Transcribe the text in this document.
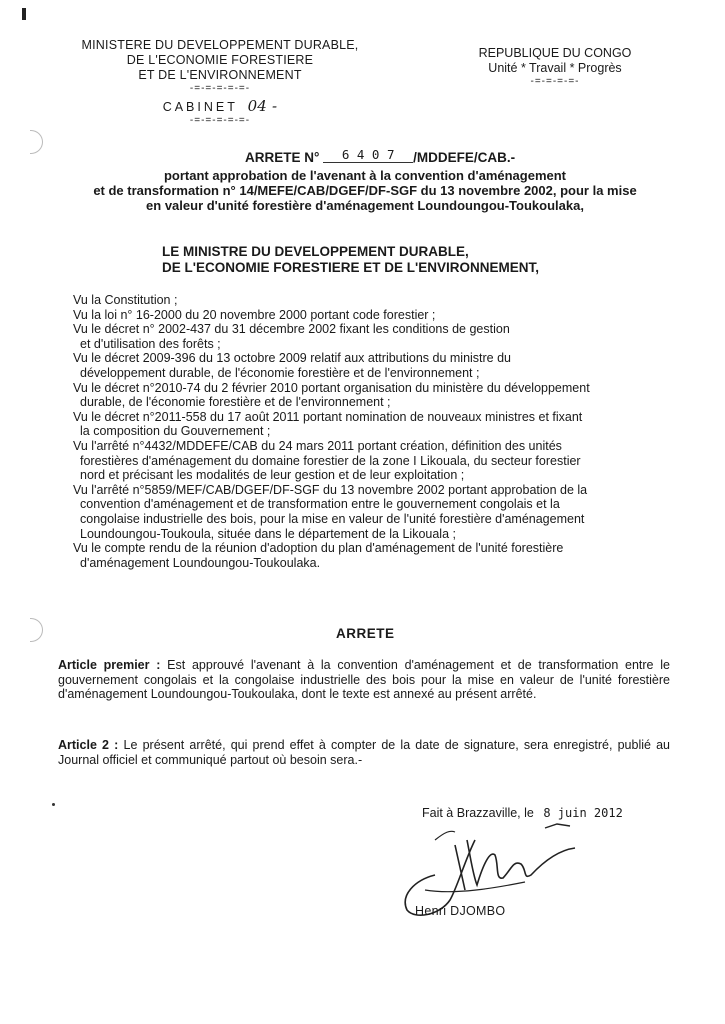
MINISTERE DU DEVELOPPEMENT DURABLE,
DE L'ECONOMIE FORESTIERE
ET DE L'ENVIRONNEMENT
-=-=-=-=-=-
CABINET 04 -
-=-=-=-=-=-
REPUBLIQUE DU CONGO
Unité * Travail * Progrès
-=-=-=-=-
ARRETE N° 6 4 0 7 /MDDEFE/CAB.-
portant approbation de l'avenant à la convention d'aménagement
et de transformation n° 14/MEFE/CAB/DGEF/DF-SGF du 13 novembre 2002, pour la mise
en valeur d'unité forestière d'aménagement Loundoungou-Toukoulaka,
LE MINISTRE DU DEVELOPPEMENT DURABLE,
DE L'ECONOMIE FORESTIERE ET DE L'ENVIRONNEMENT,

Vu la Constitution ;

Vu la loi n° 16-2000 du 20 novembre 2000 portant code forestier ;

Vu le décret n° 2002-437 du 31 décembre 2002 fixant les conditions de gestion

et d'utilisation des forêts ;

Vu le décret 2009-396 du 13 octobre 2009 relatif aux attributions du ministre du

développement durable, de l'économie forestière et de l'environnement ;

Vu le décret n°2010-74 du 2 février 2010 portant organisation du ministère du développement

durable, de l'économie forestière et de l'environnement ;

Vu le décret n°2011-558 du 17 août 2011 portant nomination de nouveaux ministres et fixant

la composition du Gouvernement ;

Vu l'arrêté n°4432/MDDEFE/CAB du 24 mars 2011 portant création, définition des unités

forestières d'aménagement du domaine forestier de la zone I Likouala, du secteur forestier

nord et précisant les modalités de leur gestion et de leur exploitation ;

Vu l'arrêté n°5859/MEF/CAB/DGEF/DF-SGF du 13 novembre 2002 portant approbation de la

convention d'aménagement et de transformation entre le gouvernement congolais et la

congolaise industrielle des bois, pour la mise en valeur de l'unité forestière d'aménagement

Loundoungou-Toukoula, située dans le département de la Likouala ;

Vu le compte rendu de la réunion d'adoption du plan d'aménagement de l'unité forestière

d'aménagement Loundoungou-Toukoulaka.

ARRETE
Article premier : Est approuvé l'avenant à la convention d'aménagement et de transformation entre le gouvernement congolais et la congolaise industrielle des bois pour la mise en valeur de l'unité forestière d'aménagement Loundoungou-Toukoulaka, dont le texte est annexé au présent arrêté.
Article 2 : Le présent arrêté, qui prend effet à compter de la date de signature, sera enregistré, publié au Journal officiel et communiqué partout où besoin sera.-
Fait à Brazzaville, le 8 juin 2012
Henri DJOMBO
